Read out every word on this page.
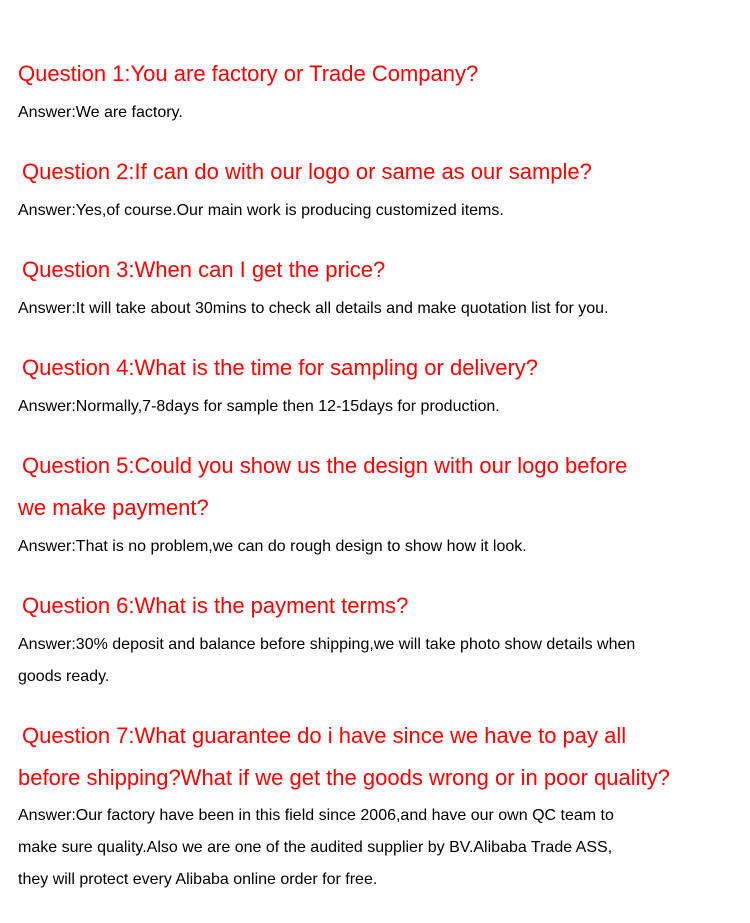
Question 1:You are factory or Trade Company?

Answer:We are factory.

Question 2:If can do with our logo or same as our sample?

Answer:Yes,of course.Our main work is producing customized items.

Question 3:When can I get the price?

Answer:It will take about 30mins to check all details and make quotation list for you.

Question 4:What is the time for sampling or delivery?

Answer:Normally,7-8days for sample then 12-15days for production.

Question 5:Could you show us the design with our logo before
we make payment?

Answer:That is no problem,we can do rough design to show how it look.

Question 6:What is the payment terms?

Answer:30% deposit and balance before shipping,we will take photo show details when
goods ready.

Question 7:What guarantee do i have since we have to pay all
before shipping?What if we get the goods wrong or in poor quality?

Answer:Our factory have been in this field since 2006,and have our own QC team to
make sure quality.Also we are one of the audited supplier by BV.Alibaba Trade ASS,
they will protect every Alibaba online order for free.
